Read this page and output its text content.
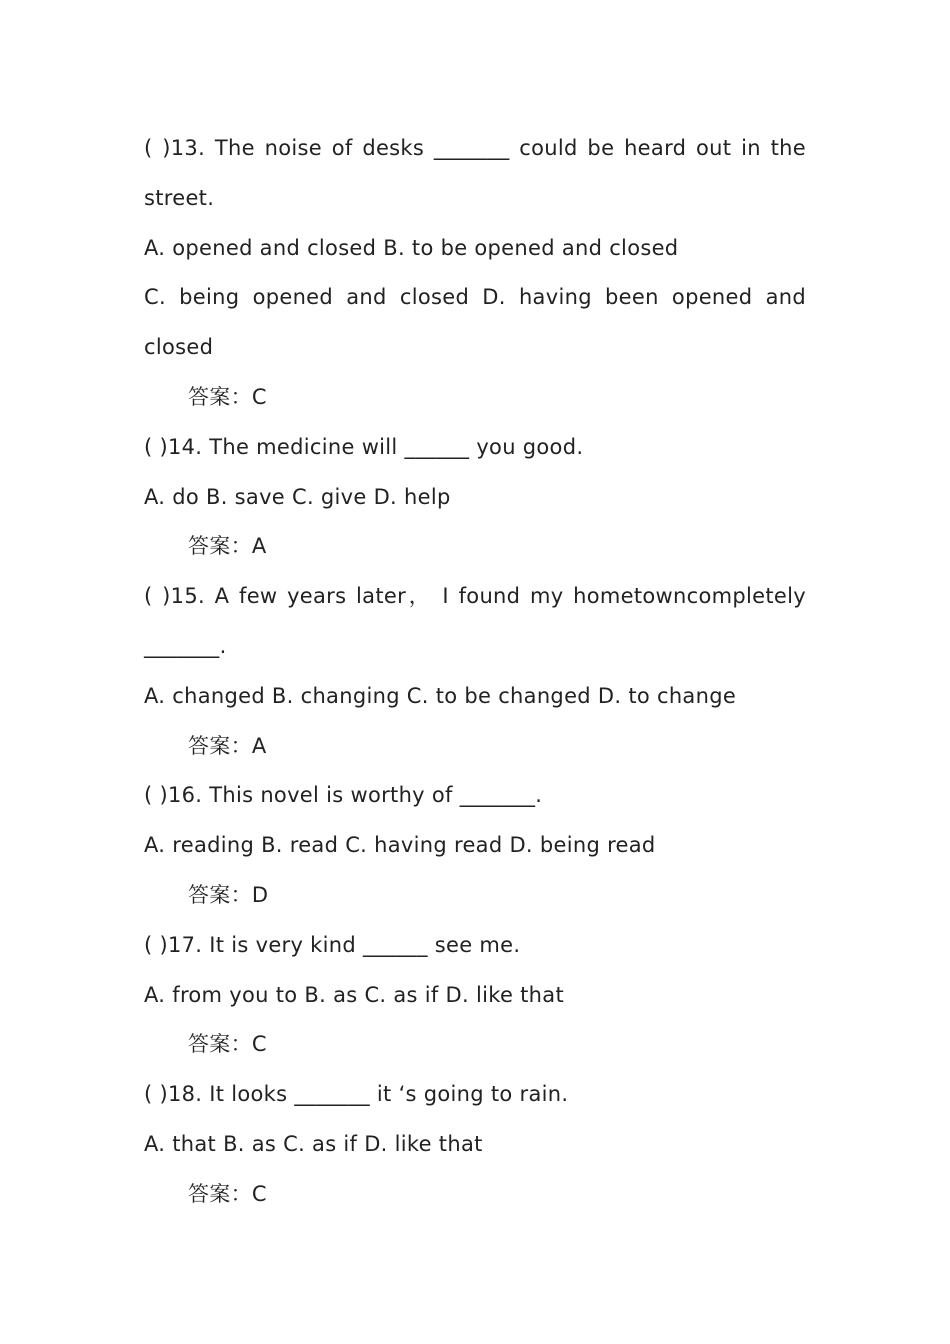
( )13. The noise of desks _______ could be heard out in the
street.
A. opened and closed B. to be opened and closed
C. being opened and closed D. having been opened and
closed
答案：C
( )14. The medicine will ______ you good.
A. do B. save C. give D. help
答案：A
( )15. A few years later， I found my hometowncompletely
_______.
A. changed B. changing C. to be changed D. to change
答案：A
( )16. This novel is worthy of _______.
A. reading B. read C. having read D. being read
答案：D
( )17. It is very kind ______ see me.
A. from you to B. as C. as if D. like that
答案：C
( )18. It looks _______ it ‘s going to rain.
A. that B. as C. as if D. like that
答案：C
